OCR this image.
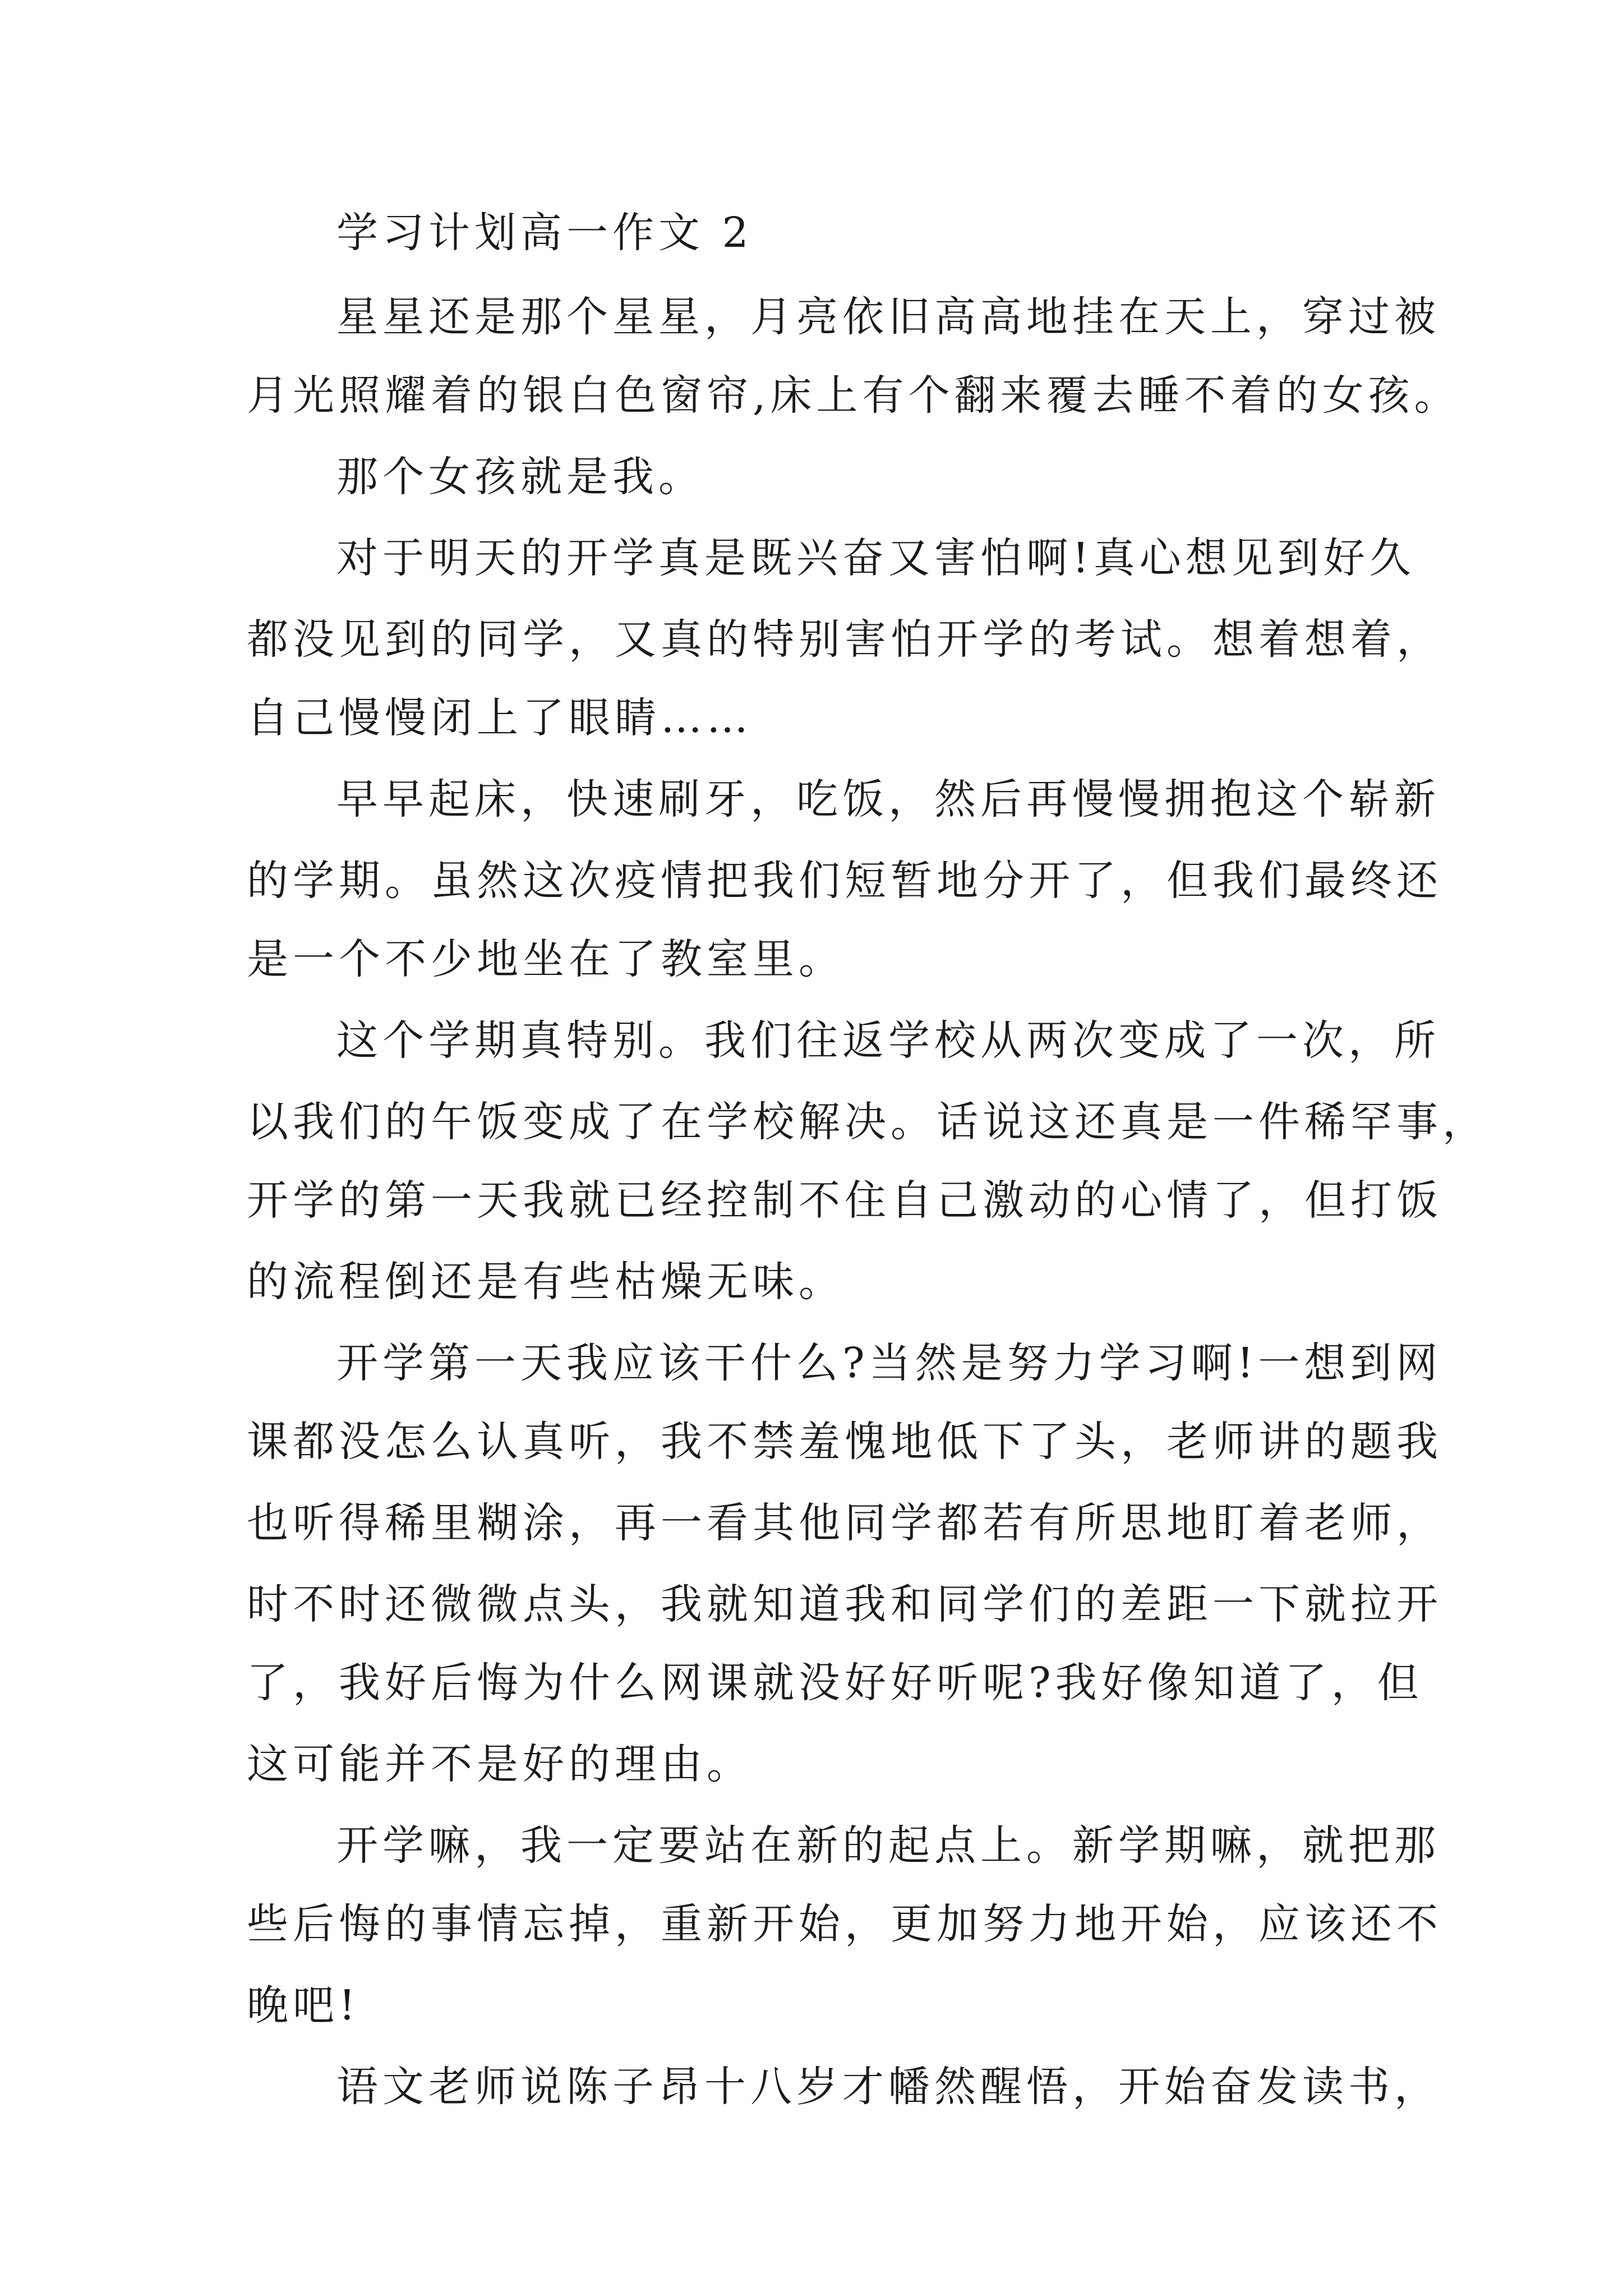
学习计划高一作文 2
星星还是那个星星，月亮依旧高高地挂在天上，穿过被
月光照耀着的银白色窗帘,床上有个翻来覆去睡不着的女孩。
那个女孩就是我。
对于明天的开学真是既兴奋又害怕啊!真心想见到好久
都没见到的同学，又真的特别害怕开学的考试。想着想着，
自己慢慢闭上了眼睛……
早早起床，快速刷牙，吃饭，然后再慢慢拥抱这个崭新
的学期。虽然这次疫情把我们短暂地分开了，但我们最终还
是一个不少地坐在了教室里。
这个学期真特别。我们往返学校从两次变成了一次，所
以我们的午饭变成了在学校解决。话说这还真是一件稀罕事，
开学的第一天我就已经控制不住自己激动的心情了，但打饭
的流程倒还是有些枯燥无味。
开学第一天我应该干什么?当然是努力学习啊!一想到网
课都没怎么认真听，我不禁羞愧地低下了头，老师讲的题我
也听得稀里糊涂，再一看其他同学都若有所思地盯着老师，
时不时还微微点头，我就知道我和同学们的差距一下就拉开
了，我好后悔为什么网课就没好好听呢?我好像知道了，但
这可能并不是好的理由。
开学嘛，我一定要站在新的起点上。新学期嘛，就把那
些后悔的事情忘掉，重新开始，更加努力地开始，应该还不
晚吧!
语文老师说陈子昂十八岁才幡然醒悟，开始奋发读书，
